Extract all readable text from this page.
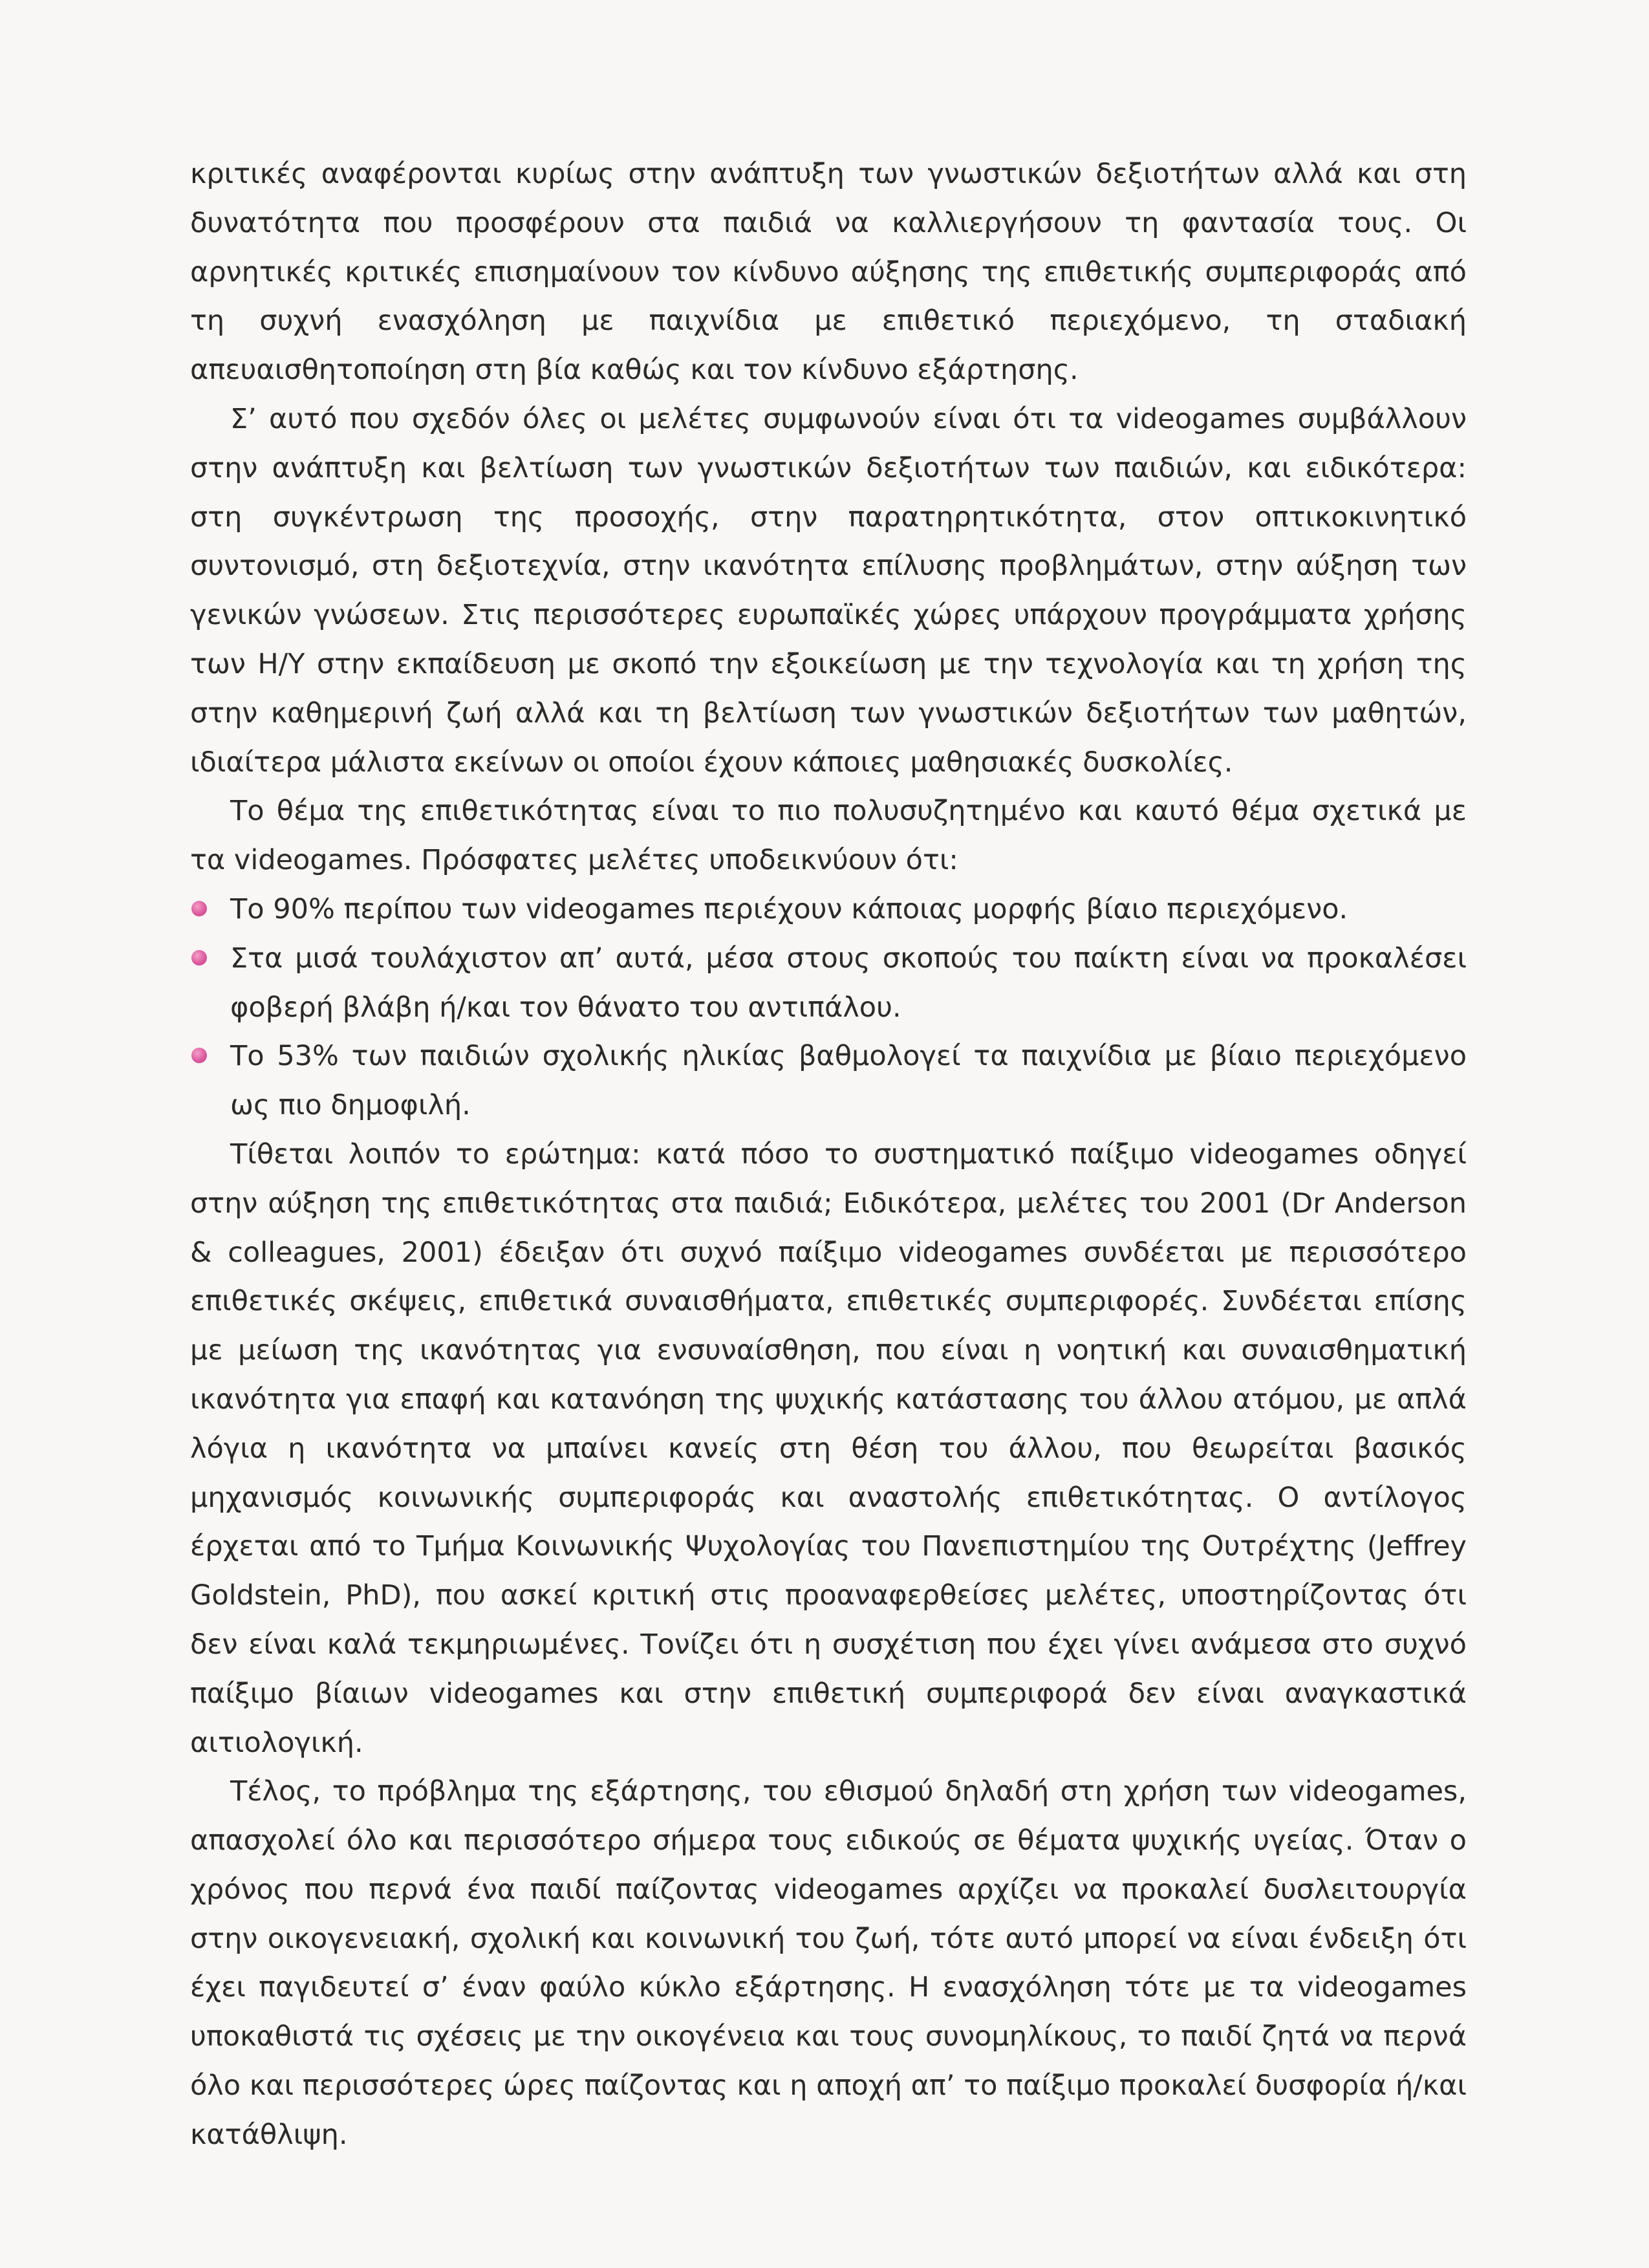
κριτικές αναφέρονται κυρίως στην ανάπτυξη των γνωστικών δεξιοτήτων αλλά και στη δυνατότητα που προσφέρουν στα παιδιά να καλλιεργήσουν τη φαντασία τους. Οι αρνητικές κριτικές επισημαίνουν τον κίνδυνο αύξησης της επιθετικής συμπεριφοράς από τη συχνή ενασχόληση με παιχνίδια με επιθετικό περιεχόμενο, τη σταδιακή απευαισθητοποίηση στη βία καθώς και τον κίνδυνο εξάρτησης.

Σ’ αυτό που σχεδόν όλες οι μελέτες συμφωνούν είναι ότι τα videogames συμβάλλουν στην ανάπτυξη και βελτίωση των γνωστικών δεξιοτήτων των παιδιών, και ειδικότερα: στη συγκέντρωση της προσοχής, στην παρατηρητικότητα, στον οπτικοκινητικό συντονισμό, στη δεξιοτεχνία, στην ικανότητα επίλυσης προβλημάτων, στην αύξηση των γενικών γνώσεων. Στις περισσότερες ευρωπαϊκές χώρες υπάρχουν προγράμματα χρήσης των Η/Υ στην εκπαίδευση με σκοπό την εξοικείωση με την τεχνολογία και τη χρήση της στην καθημερινή ζωή αλλά και τη βελτίωση των γνωστικών δεξιοτήτων των μαθητών, ιδιαίτερα μάλιστα εκείνων οι οποίοι έχουν κάποιες μαθησιακές δυσκολίες.

Το θέμα της επιθετικότητας είναι το πιο πολυσυζητημένο και καυτό θέμα σχετικά με τα videogames. Πρόσφατες μελέτες υποδεικνύουν ότι:

Το 90% περίπου των videogames περιέχουν κάποιας μορφής βίαιο περιεχόμενο.
Στα μισά τουλάχιστον απ’ αυτά, μέσα στους σκοπούς του παίκτη είναι να προκαλέσει φοβερή βλάβη ή/και τον θάνατο του αντιπάλου.
Το 53% των παιδιών σχολικής ηλικίας βαθμολογεί τα παιχνίδια με βίαιο περιεχόμενο ως πιο δημοφιλή.

Τίθεται λοιπόν το ερώτημα: κατά πόσο το συστηματικό παίξιμο videogames οδηγεί στην αύξηση της επιθετικότητας στα παιδιά; Ειδικότερα, μελέτες του 2001 (Dr Anderson & colleagues, 2001) έδειξαν ότι συχνό παίξιμο videogames συνδέεται με περισσότερο επιθετικές σκέψεις, επιθετικά συναισθήματα, επιθετικές συμπεριφορές. Συνδέεται επίσης με μείωση της ικανότητας για ενσυναίσθηση, που είναι η νοητική και συναισθηματική ικανότητα για επαφή και κατανόηση της ψυχικής κατάστασης του άλλου ατόμου, με απλά λόγια η ικανότητα να μπαίνει κανείς στη θέση του άλλου, που θεωρείται βασικός μηχανισμός κοινωνικής συμπεριφοράς και αναστολής επιθετικότητας. Ο αντίλογος έρχεται από το Τμήμα Κοινωνικής Ψυχολογίας του Πανεπιστημίου της Ουτρέχτης (Jeffrey Goldstein, PhD), που ασκεί κριτική στις προαναφερθείσες μελέτες, υποστηρίζοντας ότι δεν είναι καλά τεκμηριωμένες. Τονίζει ότι η συσχέτιση που έχει γίνει ανάμεσα στο συχνό παίξιμο βίαιων videogames και στην επιθετική συμπεριφορά δεν είναι αναγκαστικά αιτιολογική.

Τέλος, το πρόβλημα της εξάρτησης, του εθισμού δηλαδή στη χρήση των videogames, απασχολεί όλο και περισσότερο σήμερα τους ειδικούς σε θέματα ψυχικής υγείας. Όταν ο χρόνος που περνά ένα παιδί παίζοντας videogames αρχίζει να προκαλεί δυσλειτουργία στην οικογενειακή, σχολική και κοινωνική του ζωή, τότε αυτό μπορεί να είναι ένδειξη ότι έχει παγιδευτεί σ’ έναν φαύλο κύκλο εξάρτησης. Η ενασχόληση τότε με τα videogames υποκαθιστά τις σχέσεις με την οικογένεια και τους συνομηλίκους, το παιδί ζητά να περνά όλο και περισσότερες ώρες παίζοντας και η αποχή απ’ το παίξιμο προκαλεί δυσφορία ή/και κατάθλιψη.
